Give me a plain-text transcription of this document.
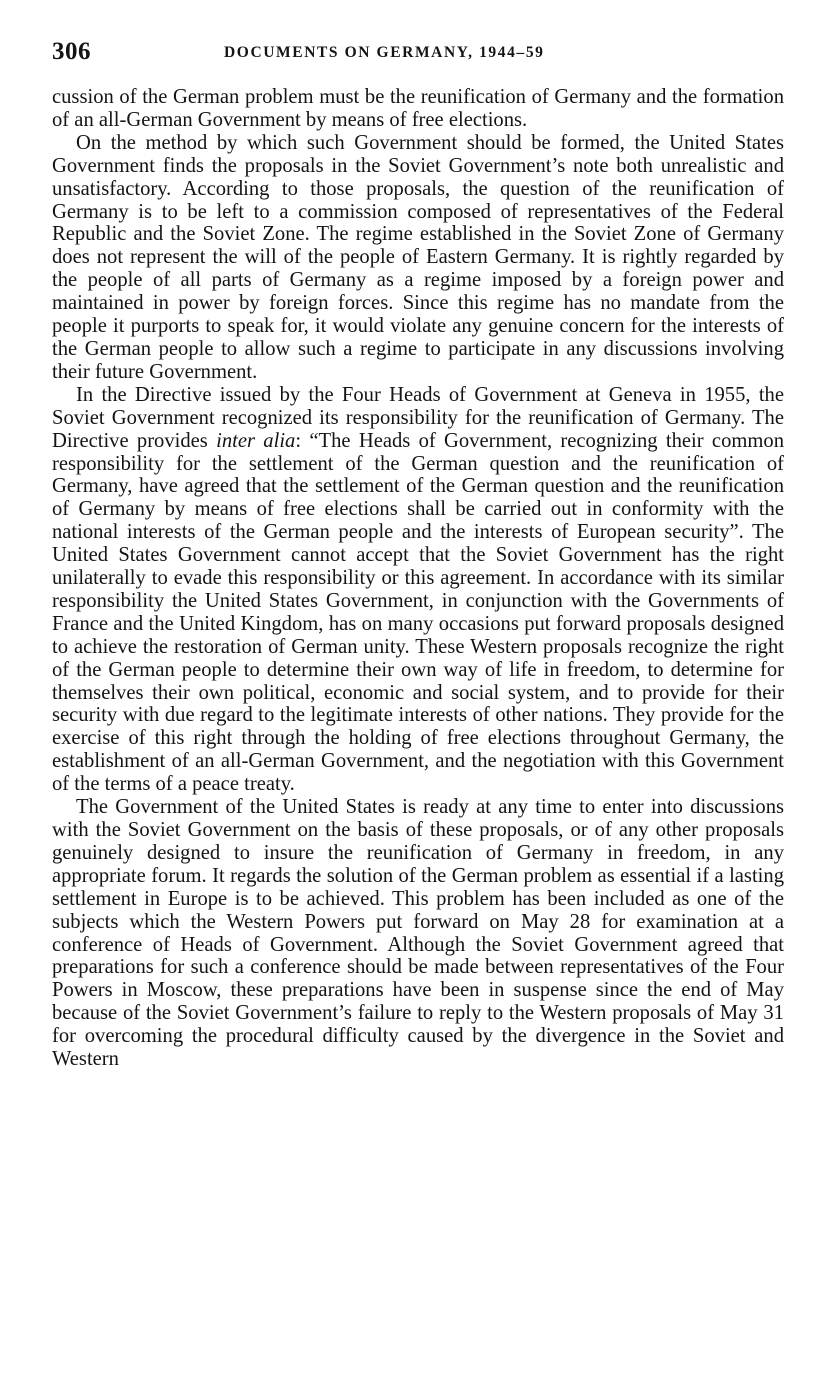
306	DOCUMENTS ON GERMANY, 1944–59

cussion of the German problem must be the reunification of Germany and the formation of an all-German Government by means of free elections.

On the method by which such Government should be formed, the United States Government finds the proposals in the Soviet Government’s note both unrealistic and unsatisfactory. According to those proposals, the question of the reunification of Germany is to be left to a commission composed of representatives of the Federal Republic and the Soviet Zone. The regime established in the Soviet Zone of Germany does not represent the will of the people of Eastern Germany. It is rightly regarded by the people of all parts of Germany as a regime imposed by a foreign power and maintained in power by foreign forces. Since this regime has no mandate from the people it purports to speak for, it would violate any genuine concern for the interests of the German people to allow such a regime to participate in any discussions involving their future Government.

In the Directive issued by the Four Heads of Government at Geneva in 1955, the Soviet Government recognized its responsibility for the reunification of Germany. The Directive provides inter alia: “The Heads of Government, recognizing their common responsibility for the settlement of the German question and the reunification of Germany, have agreed that the settlement of the German question and the reunification of Germany by means of free elections shall be carried out in conformity with the national interests of the German people and the interests of European security”. The United States Government cannot accept that the Soviet Government has the right unilaterally to evade this responsibility or this agreement. In accordance with its similar responsibility the United States Government, in conjunction with the Governments of France and the United Kingdom, has on many occasions put forward proposals designed to achieve the restoration of German unity. These Western proposals recognize the right of the German people to determine their own way of life in freedom, to determine for themselves their own political, economic and social system, and to provide for their security with due regard to the legitimate interests of other nations. They provide for the exercise of this right through the holding of free elections throughout Germany, the establishment of an all-German Government, and the negotiation with this Government of the terms of a peace treaty.

The Government of the United States is ready at any time to enter into discussions with the Soviet Government on the basis of these proposals, or of any other proposals genuinely designed to insure the reunification of Germany in freedom, in any appropriate forum. It regards the solution of the German problem as essential if a lasting settlement in Europe is to be achieved. This problem has been included as one of the subjects which the Western Powers put forward on May 28 for examination at a conference of Heads of Government. Although the Soviet Government agreed that preparations for such a conference should be made between representatives of the Four Powers in Moscow, these preparations have been in suspense since the end of May because of the Soviet Government’s failure to reply to the Western proposals of May 31 for overcoming the procedural difficulty caused by the divergence in the Soviet and Western
